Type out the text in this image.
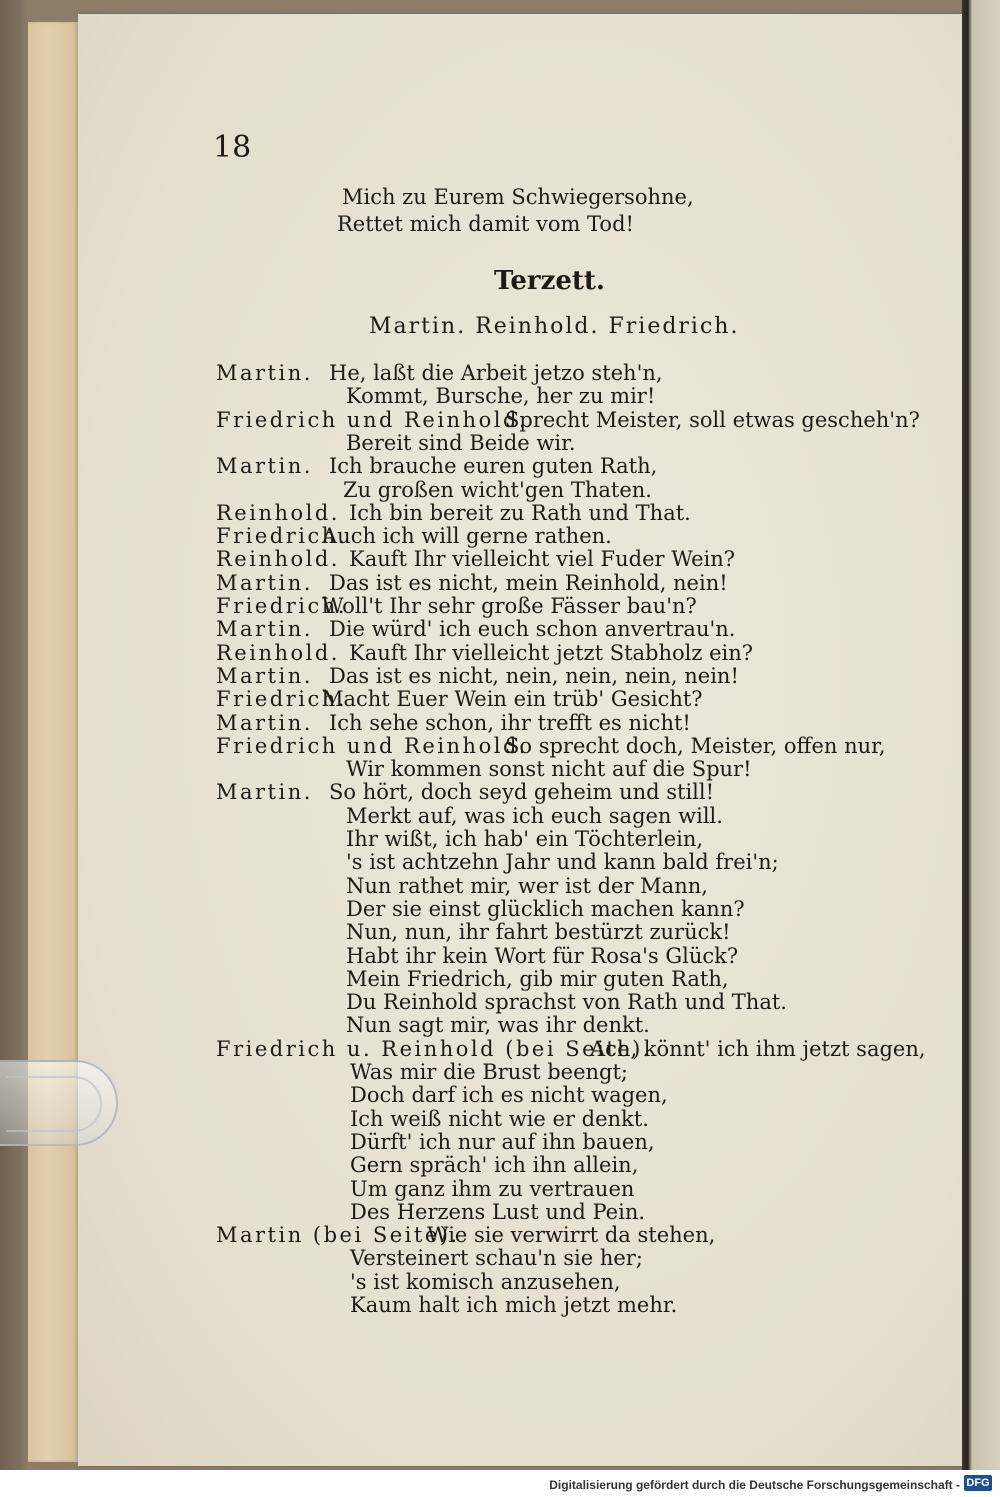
18
Mich zu Eurem Schwiegersohne,
Rettet mich damit vom Tod!
Terzett.
Martin. Reinhold. Friedrich.
Martin. He, laßt die Arbeit jetzo steh'n,
Kommt, Bursche, her zu mir!
Friedrich und Reinhold.
Sprecht Meister, soll etwas gescheh'n?
Bereit sind Beide wir.
Martin. Ich brauche euren guten Rath,
Zu großen wicht'gen Thaten.
Reinhold. Ich bin bereit zu Rath und That.
Friedrich.
Auch ich will gerne rathen.
Reinhold. Kauft Ihr vielleicht viel Fuder Wein?
Martin. Das ist es nicht, mein Reinhold, nein!
Friedrich.
Woll't Ihr sehr große Fässer bau'n?
Martin. Die würd' ich euch schon anvertrau'n.
Reinhold. Kauft Ihr vielleicht jetzt Stabholz ein?
Martin. Das ist es nicht, nein, nein, nein, nein!
Friedrich.
Macht Euer Wein ein trüb' Gesicht?
Martin. Ich sehe schon, ihr trefft es nicht!
Friedrich und Reinhold.
So sprecht doch, Meister, offen nur,
Wir kommen sonst nicht auf die Spur!
Martin. So hört, doch seyd geheim und still!
Merkt auf, was ich euch sagen will.
Ihr wißt, ich hab' ein Töchterlein,
's ist achtzehn Jahr und kann bald frei'n;
Nun rathet mir, wer ist der Mann,
Der sie einst glücklich machen kann?
Nun, nun, ihr fahrt bestürzt zurück!
Habt ihr kein Wort für Rosa's Glück?
Mein Friedrich, gib mir guten Rath,
Du Reinhold sprachst von Rath und That.
Nun sagt mir, was ihr denkt.
Friedrich u. Reinhold (bei Seite).
Ach, könnt' ich ihm jetzt sagen,
Was mir die Brust beengt;
Doch darf ich es nicht wagen,
Ich weiß nicht wie er denkt.
Dürft' ich nur auf ihn bauen,
Gern spräch' ich ihn allein,
Um ganz ihm zu vertrauen
Des Herzens Lust und Pein.
Martin (bei Seite).
Wie sie verwirrt da stehen,
Versteinert schau'n sie her;
's ist komisch anzusehen,
Kaum halt ich mich jetzt mehr.
Digitalisierung gefördert durch die Deutsche Forschungsgemeinschaft - DFG
